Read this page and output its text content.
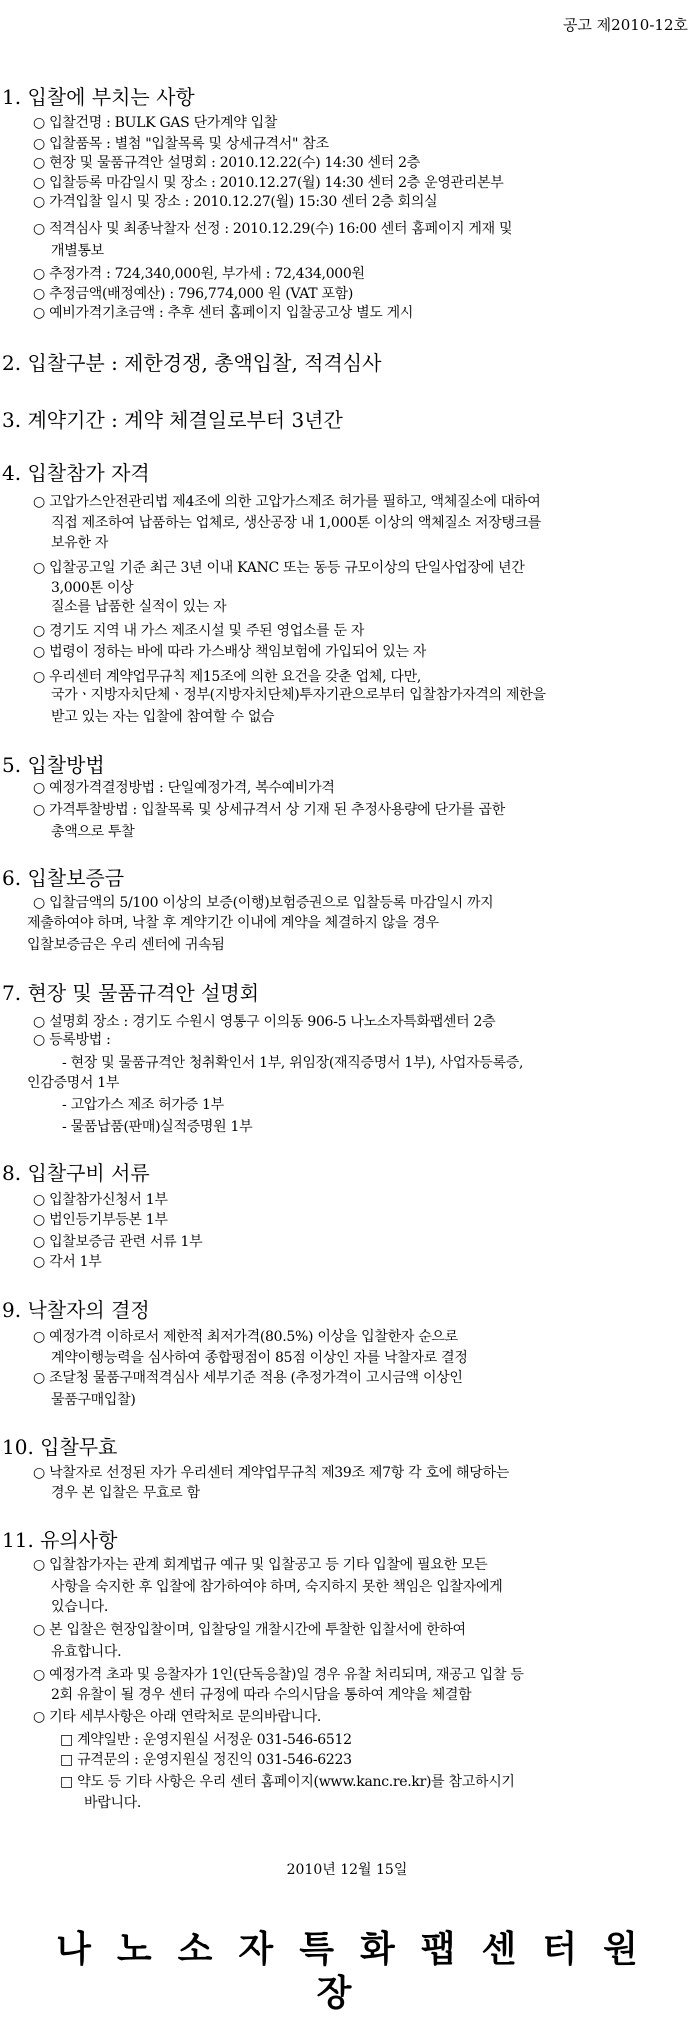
공고 제2010-12호
1. 입찰에 부치는 사항
○ 입찰건명 : BULK GAS 단가계약 입찰
○ 입찰품목 : 별첨 "입찰목록 및 상세규격서" 참조
○ 현장 및 물품규격안 설명회 : 2010.12.22(수) 14:30 센터 2층
○ 입찰등록 마감일시 및 장소 : 2010.12.27(월) 14:30 센터 2층 운영관리본부
○ 가격입찰 일시 및 장소 : 2010.12.27(월) 15:30 센터 2층 회의실
○ 적격심사 및 최종낙찰자 선정 : 2010.12.29(수) 16:00 센터 홈페이지 게재 및
개별통보
○ 추정가격 : 724,340,000원, 부가세 : 72,434,000원
○ 추정금액(배정예산) : 796,774,000 원 (VAT 포함)
○ 예비가격기초금액 : 추후 센터 홈페이지 입찰공고상 별도 게시
2. 입찰구분 : 제한경쟁, 총액입찰, 적격심사
3. 계약기간 : 계약 체결일로부터 3년간
4. 입찰참가 자격
○ 고압가스안전관리법 제4조에 의한 고압가스제조 허가를 필하고, 액체질소에 대하여
직접 제조하여 납품하는 업체로, 생산공장 내 1,000톤 이상의 액체질소 저장탱크를
보유한 자
○ 입찰공고일 기준 최근 3년 이내 KANC 또는 동등 규모이상의 단일사업장에 년간
3,000톤 이상
질소를 납품한 실적이 있는 자
○ 경기도 지역 내 가스 제조시설 및 주된 영업소를 둔 자
○ 법령이 정하는 바에 따라 가스배상 책임보험에 가입되어 있는 자
○ 우리센터 계약업무규칙 제15조에 의한 요건을 갖춘 업체, 다만,
국가ㆍ지방자치단체ㆍ정부(지방자치단체)투자기관으로부터 입찰참가자격의 제한을
받고 있는 자는 입찰에 참여할 수 없슴
5. 입찰방법
○ 예정가격결정방법 : 단일예정가격, 복수예비가격
○ 가격투찰방법 : 입찰목록 및 상세규격서 상 기재 된 추정사용량에 단가를 곱한
총액으로 투찰
6. 입찰보증금
○ 입찰금액의 5/100 이상의 보증(이행)보험증권으로 입찰등록 마감일시 까지
제출하여야 하며, 낙찰 후 계약기간 이내에 계약을 체결하지 않을 경우
입찰보증금은 우리 센터에 귀속됨
7. 현장 및 물품규격안 설명회
○ 설명회 장소 : 경기도 수원시 영통구 이의동 906-5 나노소자특화팹센터 2층
○ 등록방법 :
- 현장 및 물품규격안 청취확인서 1부, 위임장(재직증명서 1부), 사업자등록증,
인감증명서 1부
- 고압가스 제조 허가증 1부
- 물품납품(판매)실적증명원 1부
8. 입찰구비 서류
○ 입찰참가신청서 1부
○ 법인등기부등본 1부
○ 입찰보증금 관련 서류 1부
○ 각서 1부
9. 낙찰자의 결정
○ 예정가격 이하로서 제한적 최저가격(80.5%) 이상을 입찰한자 순으로
계약이행능력을 심사하여 종합평점이 85점 이상인 자를 낙찰자로 결정
○ 조달청 물품구매적격심사 세부기준 적용 (추정가격이 고시금액 이상인
물품구매입찰)
10. 입찰무효
○ 낙찰자로 선정된 자가 우리센터 계약업무규칙 제39조 제7항 각 호에 해당하는
경우 본 입찰은 무효로 함
11. 유의사항
○ 입찰참가자는 관계 회계법규 예규 및 입찰공고 등 기타 입찰에 필요한 모든
사항을 숙지한 후 입찰에 참가하여야 하며, 숙지하지 못한 책임은 입찰자에게
있습니다.
○ 본 입찰은 현장입찰이며, 입찰당일 개찰시간에 투찰한 입찰서에 한하여
유효합니다.
○ 예정가격 초과 및 응찰자가 1인(단독응찰)일 경우 유찰 처리되며, 재공고 입찰 등
2회 유찰이 될 경우 센터 규정에 따라 수의시담을 통하여 계약을 체결함
○ 기타 세부사항은 아래 연락처로 문의바랍니다.
□ 계약일반 : 운영지원실 서정운 031-546-6512
□ 규격문의 : 운영지원실 정진익 031-546-6223
□ 약도 등 기타 사항은 우리 센터 홈페이지(www.kanc.re.kr)를 참고하시기
바랍니다.
2010년 12월 15일
나노소자특화팹센터원장
